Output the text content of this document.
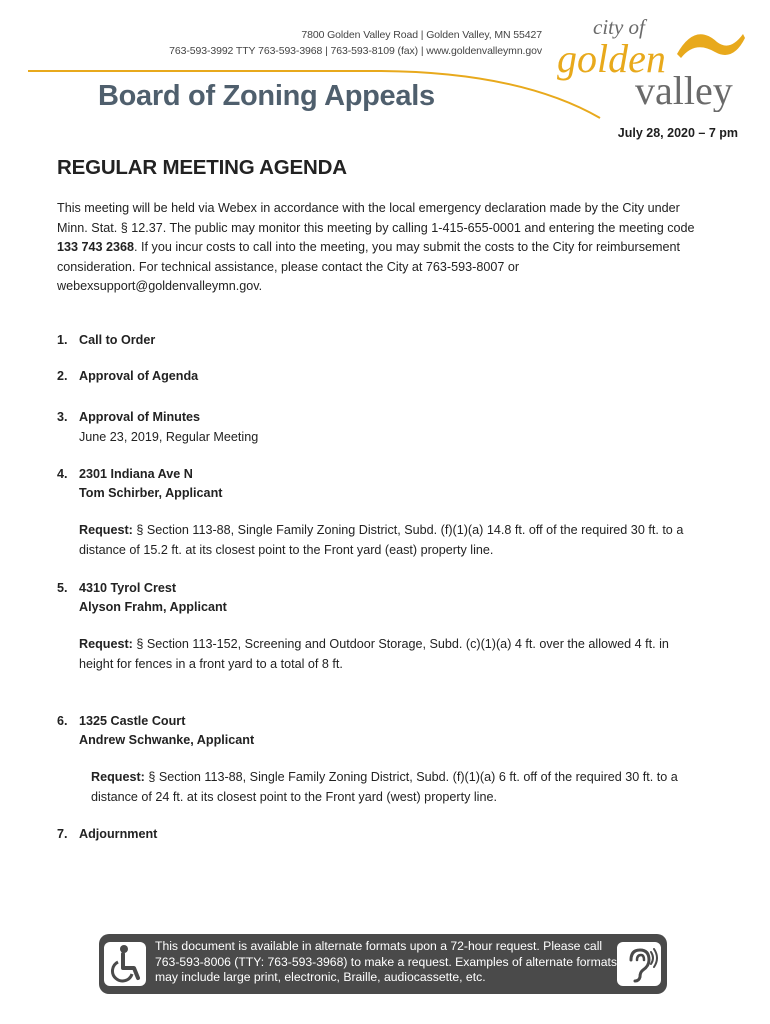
7800 Golden Valley Road | Golden Valley, MN 55427
763-593-3992 TTY 763-593-3968 | 763-593-8109 (fax) | www.goldenvalleymn.gov
Board of Zoning Appeals
city of
golden
valley
July 28, 2020 – 7 pm
REGULAR MEETING AGENDA
This meeting will be held via Webex in accordance with the local emergency declaration made by the City under Minn. Stat. § 12.37. The public may monitor this meeting by calling 1-415-655-0001 and entering the meeting code 133 743 2368. If you incur costs to call into the meeting, you may submit the costs to the City for reimbursement consideration. For technical assistance, please contact the City at 763-593-8007 or webexsupport@goldenvalleymn.gov.
1. Call to Order
2. Approval of Agenda
3. Approval of Minutes
June 23, 2019, Regular Meeting
4. 2301 Indiana Ave N
Tom Schirber, Applicant
Request: § Section 113-88, Single Family Zoning District, Subd. (f)(1)(a) 14.8 ft. off of the required 30 ft. to a distance of 15.2 ft. at its closest point to the Front yard (east) property line.
5. 4310 Tyrol Crest
Alyson Frahm, Applicant
Request: § Section 113-152, Screening and Outdoor Storage, Subd. (c)(1)(a) 4 ft. over the allowed 4 ft. in height for fences in a front yard to a total of 8 ft.
6. 1325 Castle Court
Andrew Schwanke, Applicant
Request: § Section 113-88, Single Family Zoning District, Subd. (f)(1)(a) 6 ft. off of the required 30 ft. to a distance of 24 ft. at its closest point to the Front yard (west) property line.
7. Adjournment
This document is available in alternate formats upon a 72-hour request. Please call 763-593-8006 (TTY: 763-593-3968) to make a request. Examples of alternate formats may include large print, electronic, Braille, audiocassette, etc.
